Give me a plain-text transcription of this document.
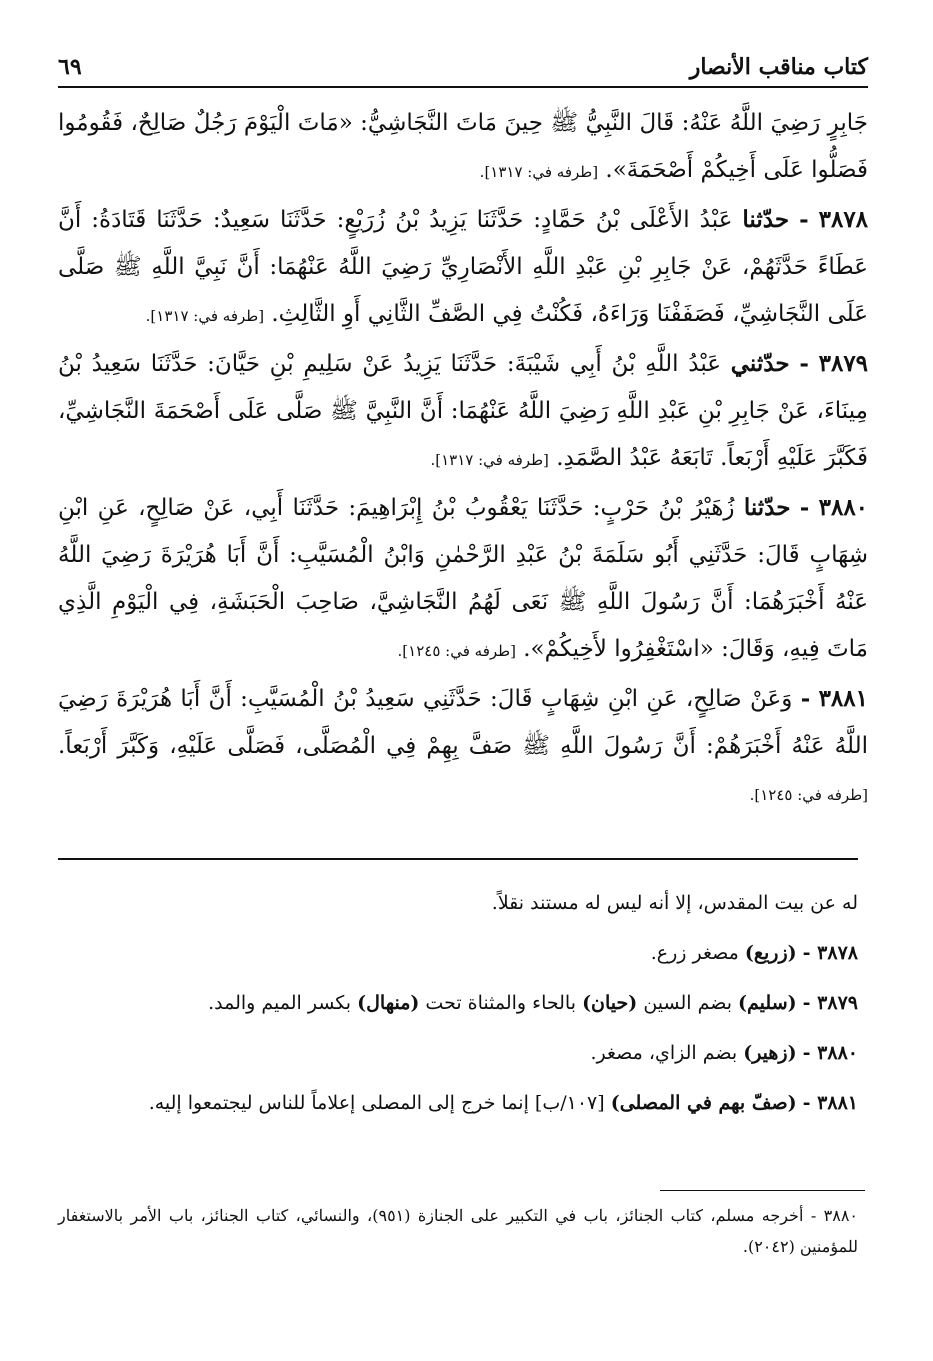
كتاب مناقب الأنصار
٦٩

جَابِرٍ رَضِيَ اللَّهُ عَنْهُ: قَالَ النَّبِيُّ ﷺ حِينَ مَاتَ النَّجَاشِيُّ: «مَاتَ الْيَوْمَ رَجُلٌ صَالِحٌ، فَقُومُوا فَصَلُّوا عَلَى أَخِيكُمْ أَصْحَمَةَ». [طرفه في: ١٣١٧].

٣٨٧٨ - حدّثنا عَبْدُ الأَعْلَى بْنُ حَمَّادٍ: حَدَّثَنَا يَزِيدُ بْنُ زُرَيْعٍ: حَدَّثَنَا سَعِيدٌ: حَدَّثَنَا قَتَادَةُ: أَنَّ عَطَاءً حَدَّثَهُمْ، عَنْ جَابِرِ بْنِ عَبْدِ اللَّهِ الأَنْصَارِيِّ رَضِيَ اللَّهُ عَنْهُمَا: أَنَّ نَبِيَّ اللَّهِ ﷺ صَلَّى عَلَى النَّجَاشِيِّ، فَصَفَفْنَا وَرَاءَهُ، فَكُنْتُ فِي الصَّفِّ الثَّانِي أَوِ الثَّالِثِ. [طرفه في: ١٣١٧].

٣٨٧٩ - حدّثني عَبْدُ اللَّهِ بْنُ أَبِي شَيْبَةَ: حَدَّثَنَا يَزِيدُ عَنْ سَلِيمِ بْنِ حَيَّانَ: حَدَّثَنَا سَعِيدُ بْنُ مِينَاءَ، عَنْ جَابِرِ بْنِ عَبْدِ اللَّهِ رَضِيَ اللَّهُ عَنْهُمَا: أَنَّ النَّبِيَّ ﷺ صَلَّى عَلَى أَصْحَمَةَ النَّجَاشِيِّ، فَكَبَّرَ عَلَيْهِ أَرْبَعاً. تَابَعَهُ عَبْدُ الصَّمَدِ. [طرفه في: ١٣١٧].

٣٨٨٠ - حدّثنا زُهَيْرُ بْنُ حَرْبٍ: حَدَّثَنَا يَعْقُوبُ بْنُ إِبْرَاهِيمَ: حَدَّثَنَا أَبِي، عَنْ صَالِحٍ، عَنِ ابْنِ شِهَابٍ قَالَ: حَدَّثَنِي أَبُو سَلَمَةَ بْنُ عَبْدِ الرَّحْمٰنِ وَابْنُ الْمُسَيَّبِ: أَنَّ أَبَا هُرَيْرَةَ رَضِيَ اللَّهُ عَنْهُ أَخْبَرَهُمَا: أَنَّ رَسُولَ اللَّهِ ﷺ نَعَى لَهُمُ النَّجَاشِيَّ، صَاحِبَ الْحَبَشَةِ، فِي الْيَوْمِ الَّذِي مَاتَ فِيهِ، وَقَالَ: «اسْتَغْفِرُوا لأَخِيكُمْ». [طرفه في: ١٢٤٥].

٣٨٨١ - وَعَنْ صَالِحٍ، عَنِ ابْنِ شِهَابٍ قَالَ: حَدَّثَنِي سَعِيدُ بْنُ الْمُسَيَّبِ: أَنَّ أَبَا هُرَيْرَةَ رَضِيَ اللَّهُ عَنْهُ أَخْبَرَهُمْ: أَنَّ رَسُولَ اللَّهِ ﷺ صَفَّ بِهِمْ فِي الْمُصَلَّى، فَصَلَّى عَلَيْهِ، وَكَبَّرَ أَرْبَعاً. [طرفه في: ١٢٤٥].

له عن بيت المقدس، إلا أنه ليس له مستند نقلاً.

٣٨٧٨ - (زريع) مصغر زرع.

٣٨٧٩ - (سليم) بضم السين (حيان) بالحاء والمثناة تحت (منهال) بكسر الميم والمد.

٣٨٨٠ - (زهير) بضم الزاي، مصغر.

٣٨٨١ - (صفّ بهم في المصلى) [١٠٧/ب] إنما خرج إلى المصلى إعلاماً للناس ليجتمعوا إليه.

٣٨٨٠ - أخرجه مسلم، كتاب الجنائز، باب في التكبير على الجنازة (٩٥١)، والنسائي، كتاب الجنائز، باب الأمر بالاستغفار للمؤمنين (٢٠٤٢).
